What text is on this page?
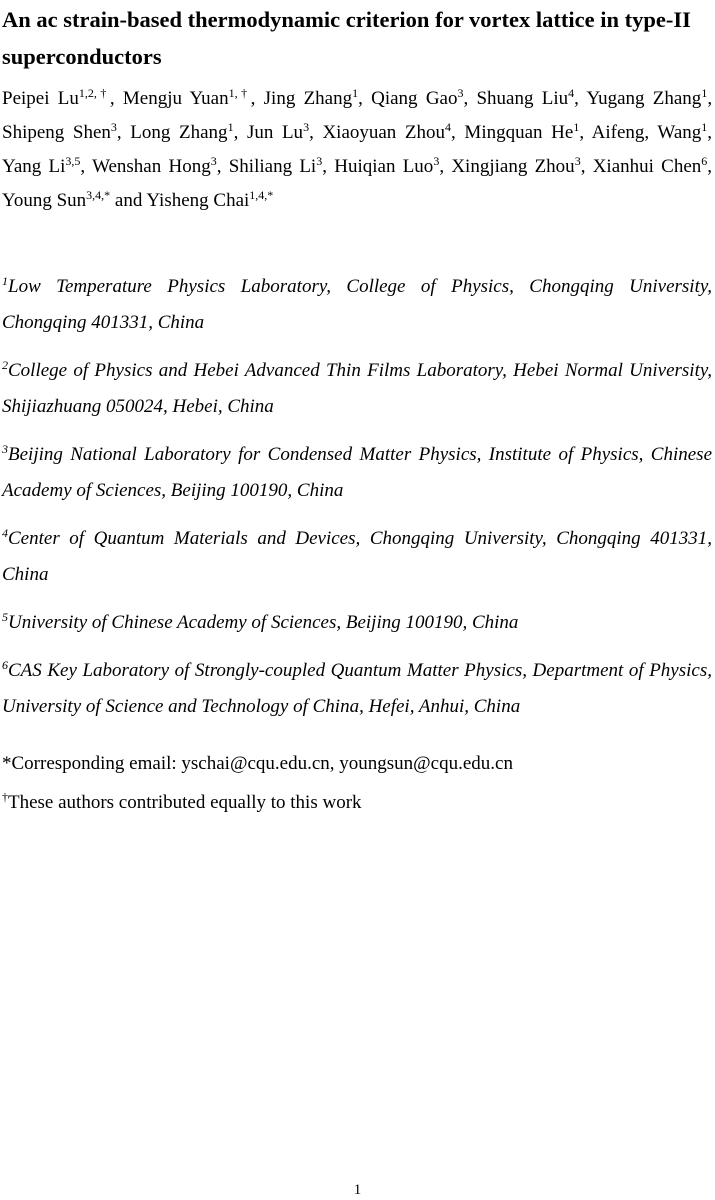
An ac strain-based thermodynamic criterion for vortex lattice in type-II superconductors
Peipei $Lu^{1,2,\dagger}$, Mengju Yuan$^{1,\dagger}$, Jing Zhang$^1$, Qiang Gao$^3$, Shuang Liu$^4$, Yugang Zhang$^1$, Shipeng Shen$^3$, Long Zhang$^1$, Jun Lu$^3$, Xiaoyuan Zhou$^4$, Mingquan He$^1$, Aifeng, Wang$^1$, Yang Li$^{3,5}$, Wenshan Hong$^3$, Shiliang Li$^3$, Huiqian Luo$^3$, Xingjiang Zhou$^3$, Xianhui Chen$^6$, Young Sun$^{3,4,*}$ and Yisheng Chai$^{1,4,*}$

$^1$Low Temperature Physics Laboratory, College of Physics, Chongqing University, Chongqing 401331, China

$^2$College of Physics and Hebei Advanced Thin Films Laboratory, Hebei Normal University, Shijiazhuang 050024, Hebei, China

$^3$Beijing National Laboratory for Condensed Matter Physics, Institute of Physics, Chinese Academy of Sciences, Beijing 100190, China

$^4$Center of Quantum Materials and Devices, Chongqing University, Chongqing 401331, China

$^5$University of Chinese Academy of Sciences, Beijing 100190, China

$^6$CAS Key Laboratory of Strongly-coupled Quantum Matter Physics, Department of Physics, University of Science and Technology of China, Hefei, Anhui, China

*Corresponding email: yschai@cqu.edu.cn, youngsun@cqu.edu.cn
†These authors contributed equally to this work
1
